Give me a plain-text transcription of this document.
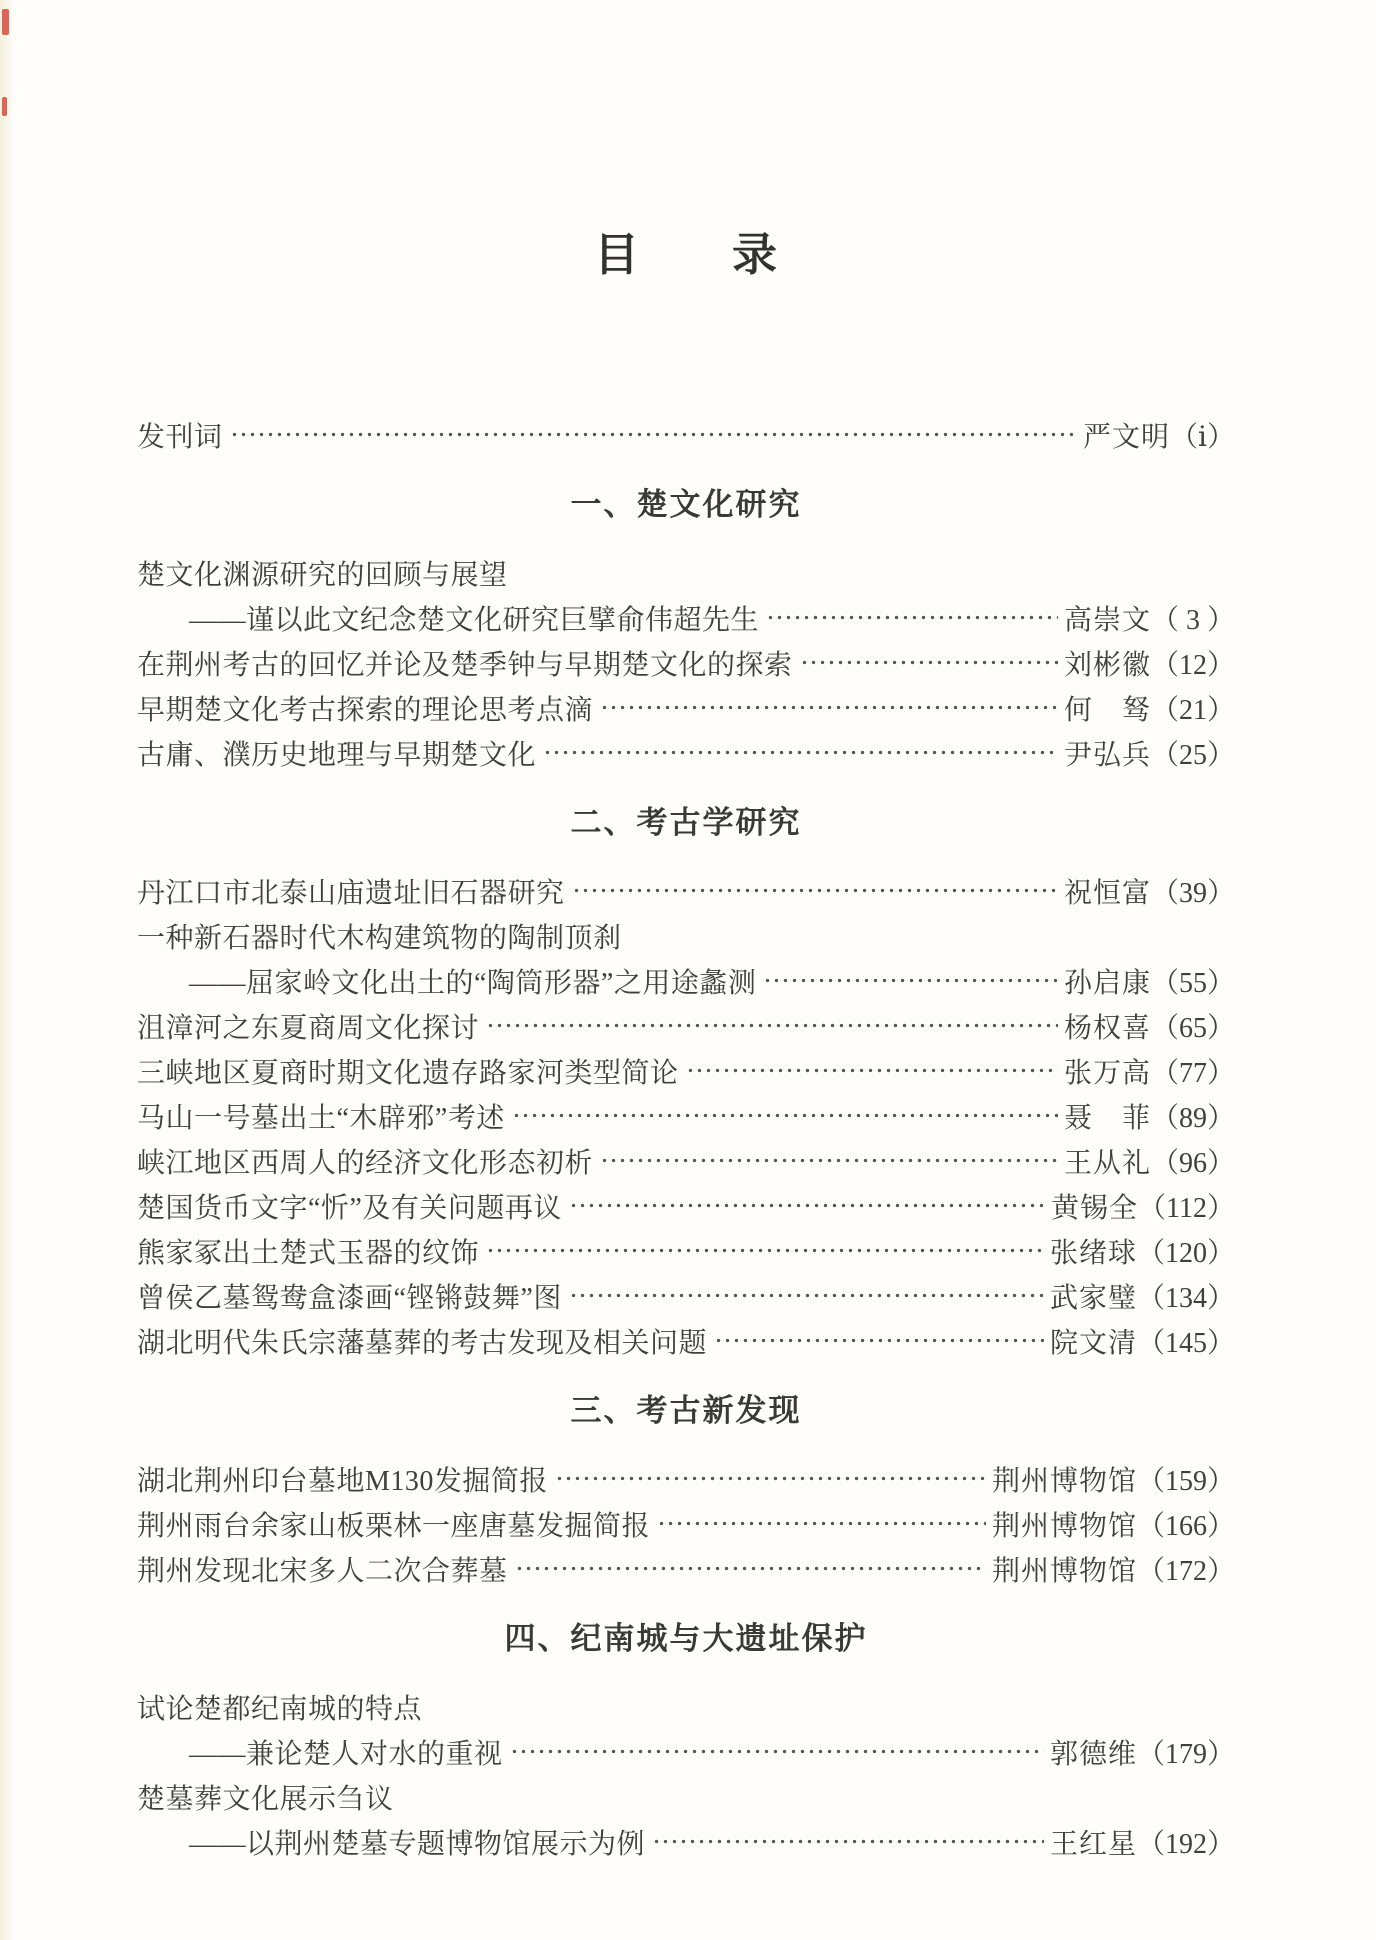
目　　录
发刊词	严文明 （ⅰ）
一、楚文化研究
楚文化渊源研究的回顾与展望
——谨以此文纪念楚文化研究巨擘俞伟超先生	高崇文 （ 3 ）
在荆州考古的回忆并论及楚季钟与早期楚文化的探索	刘彬徽 （12）
早期楚文化考古探索的理论思考点滴	何　驽 （21）
古庸、濮历史地理与早期楚文化	尹弘兵 （25）
二、考古学研究
丹江口市北泰山庙遗址旧石器研究	祝恒富 （39）
一种新石器时代木构建筑物的陶制顶刹
——屈家岭文化出土的“陶筒形器”之用途蠡测	孙启康 （55）
沮漳河之东夏商周文化探讨	杨权喜 （65）
三峡地区夏商时期文化遗存路家河类型简论	张万高 （77）
马山一号墓出土“木辟邪”考述	聂　菲 （89）
峡江地区西周人的经济文化形态初析	王从礼 （96）
楚国货币文字“忻”及有关问题再议	黄锡全 （112）
熊家冢出土楚式玉器的纹饰	张绪球 （120）
曾侯乙墓鸳鸯盒漆画“铿锵鼓舞”图	武家璧 （134）
湖北明代朱氏宗藩墓葬的考古发现及相关问题	院文清 （145）
三、考古新发现
湖北荆州印台墓地M130发掘简报	荆州博物馆 （159）
荆州雨台余家山板栗林一座唐墓发掘简报	荆州博物馆 （166）
荆州发现北宋多人二次合葬墓	荆州博物馆 （172）
四、纪南城与大遗址保护
试论楚都纪南城的特点
——兼论楚人对水的重视	郭德维 （179）
楚墓葬文化展示刍议
——以荆州楚墓专题博物馆展示为例	王红星 （192）
